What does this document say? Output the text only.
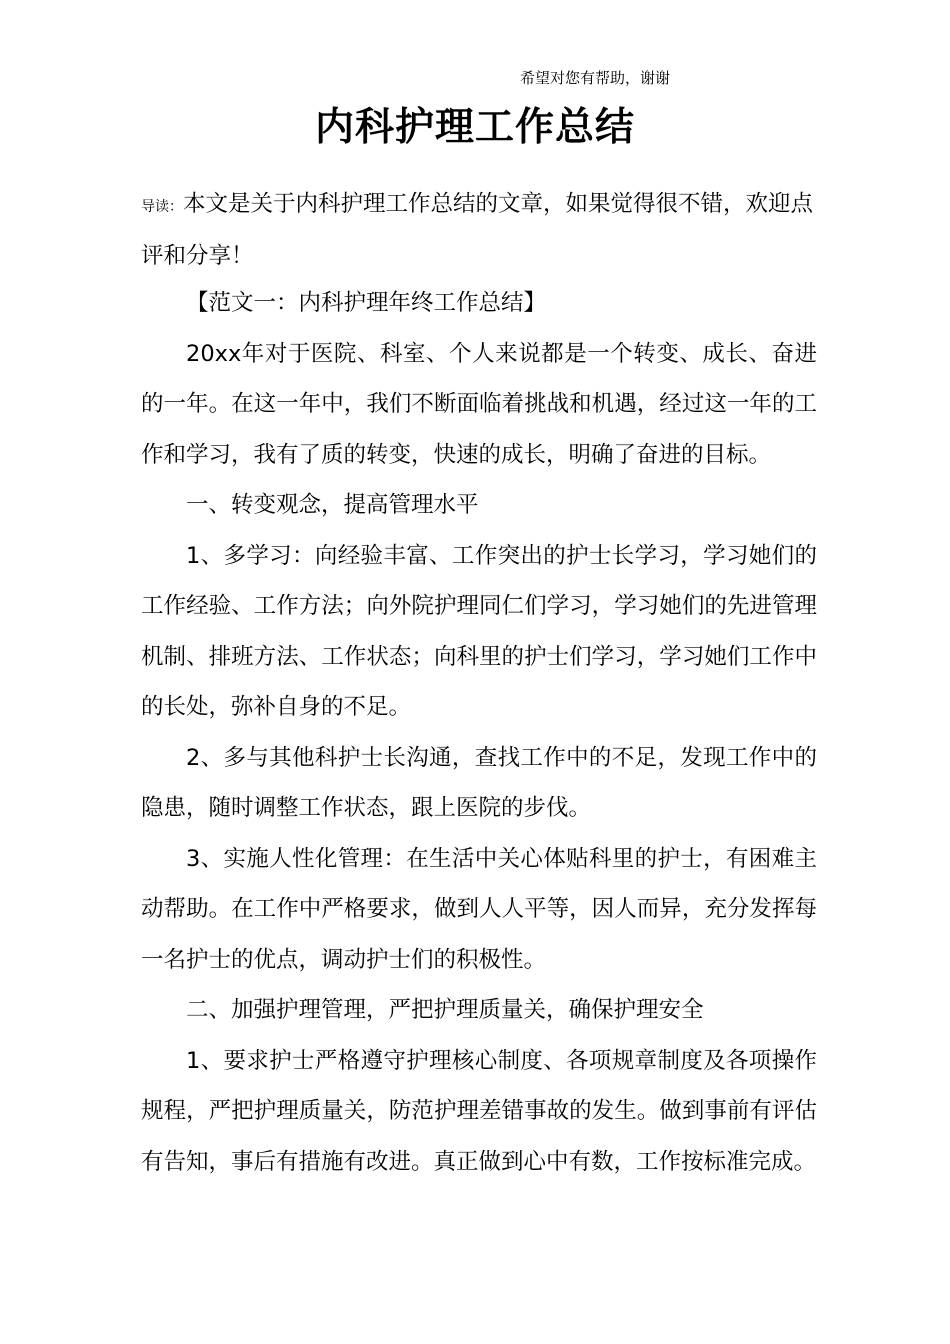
希望对您有帮助，谢谢
内科护理工作总结
导读：本文是关于内科护理工作总结的文章，如果觉得很不错，欢迎点评和分享！

【范文一：内科护理年终工作总结】

20xx年对于医院、科室、个人来说都是一个转变、成长、奋进的一年。在这一年中，我们不断面临着挑战和机遇，经过这一年的工作和学习，我有了质的转变，快速的成长，明确了奋进的目标。

一、转变观念，提高管理水平

1、多学习：向经验丰富、工作突出的护士长学习，学习她们的工作经验、工作方法；向外院护理同仁们学习，学习她们的先进管理机制、排班方法、工作状态；向科里的护士们学习，学习她们工作中的长处，弥补自身的不足。

2、多与其他科护士长沟通，查找工作中的不足，发现工作中的隐患，随时调整工作状态，跟上医院的步伐。

3、实施人性化管理：在生活中关心体贴科里的护士，有困难主动帮助。在工作中严格要求，做到人人平等，因人而异，充分发挥每一名护士的优点，调动护士们的积极性。

二、加强护理管理，严把护理质量关，确保护理安全

1、要求护士严格遵守护理核心制度、各项规章制度及各项操作规程，严把护理质量关，防范护理差错事故的发生。做到事前有评估有告知，事后有措施有改进。真正做到心中有数，工作按标准完成。
